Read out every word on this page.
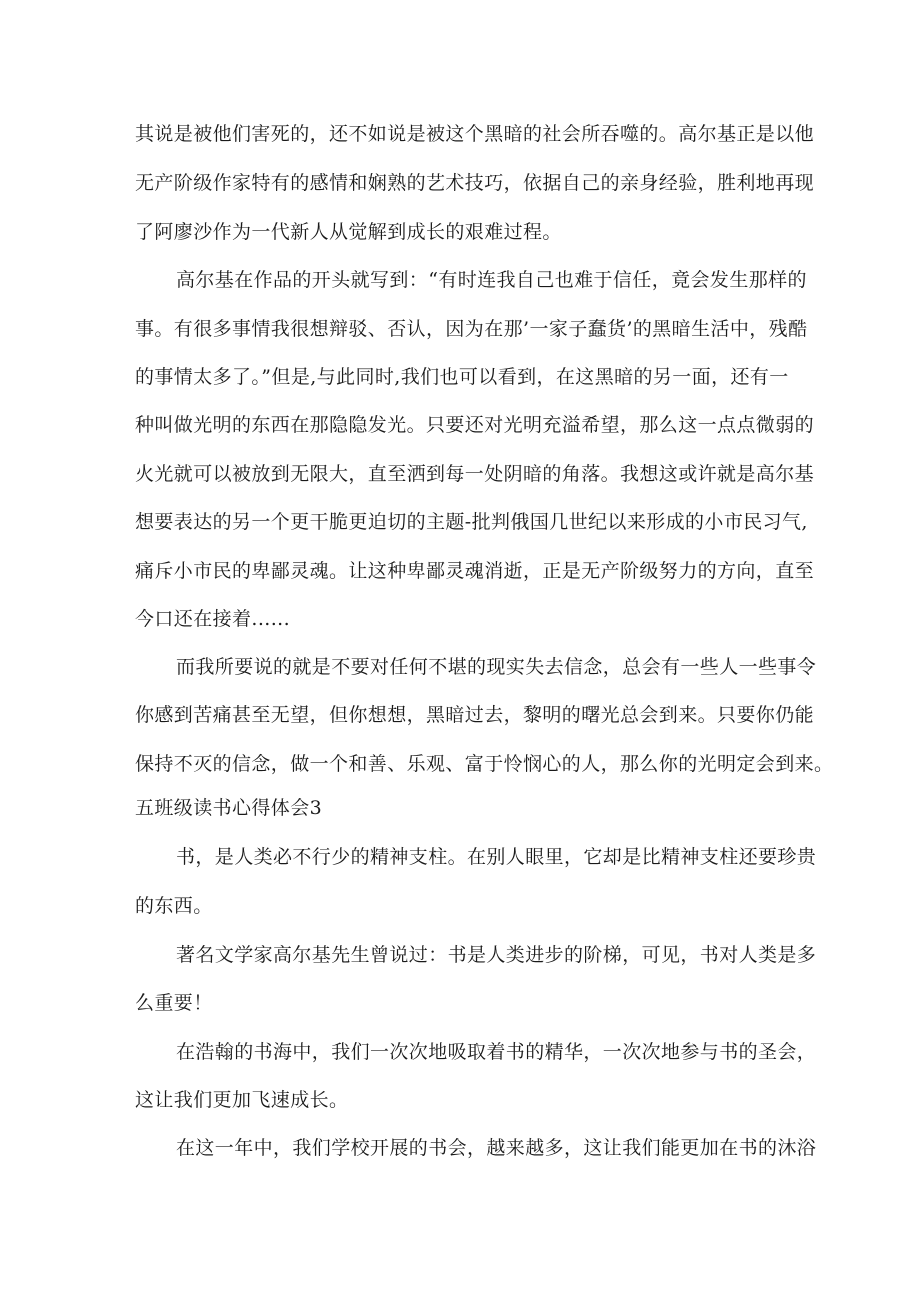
其说是被他们害死的，还不如说是被这个黑暗的社会所吞噬的。高尔基正是以他
无产阶级作家特有的感情和娴熟的艺术技巧，依据自己的亲身经验，胜利地再现
了阿廖沙作为一代新人从觉解到成长的艰难过程。
高尔基在作品的开头就写到：“有时连我自己也难于信任，竟会发生那样的
事。有很多事情我很想辩驳、否认，因为在那’一家子蠢货’的黑暗生活中，残酷
的事情太多了。”但是,与此同时,我们也可以看到，在这黑暗的另一面，还有一
种叫做光明的东西在那隐隐发光。只要还对光明充溢希望，那么这一点点微弱的
火光就可以被放到无限大，直至洒到每一处阴暗的角落。我想这或许就是高尔基
想要表达的另一个更干脆更迫切的主题-批判俄国几世纪以来形成的小市民习气,
痛斥小市民的卑鄙灵魂。让这种卑鄙灵魂消逝，正是无产阶级努力的方向，直至
今口还在接着......
而我所要说的就是不要对任何不堪的现实失去信念，总会有一些人一些事令
你感到苦痛甚至无望，但你想想，黑暗过去，黎明的曙光总会到来。只要你仍能
保持不灭的信念，做一个和善、乐观、富于怜悯心的人，那么你的光明定会到来。
五班级读书心得体会3
书，是人类必不行少的精神支柱。在别人眼里，它却是比精神支柱还要珍贵
的东西。
著名文学家高尔基先生曾说过：书是人类进步的阶梯，可见，书对人类是多
么重要！
在浩翰的书海中，我们一次次地吸取着书的精华，一次次地参与书的圣会，
这让我们更加飞速成长。
在这一年中，我们学校开展的书会，越来越多，这让我们能更加在书的沐浴
